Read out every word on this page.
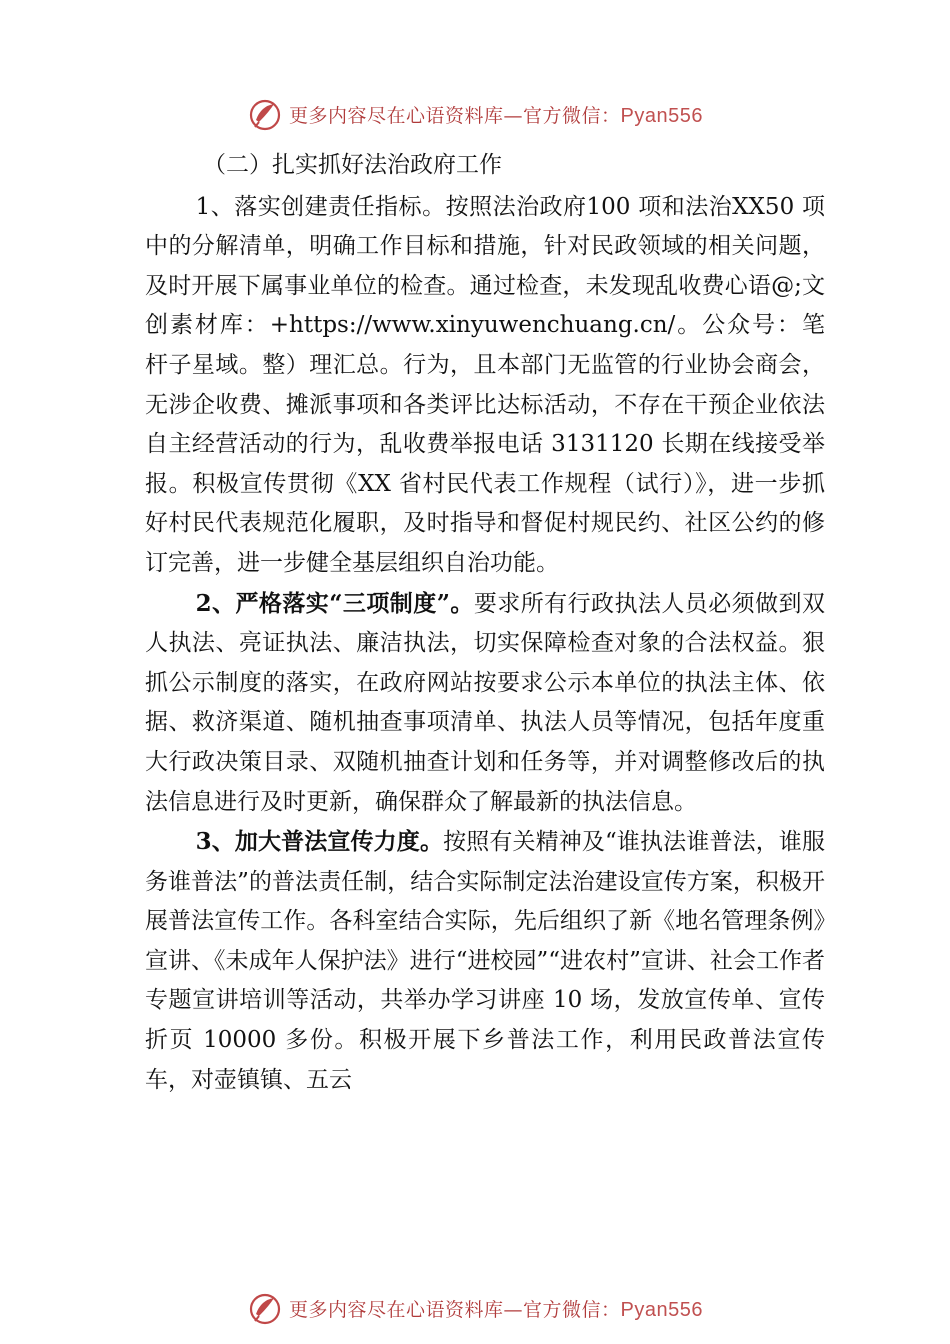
更多内容尽在心语资料库—官方微信：Pyan556

（二）扎实抓好法治政府工作

1、落实创建责任指标。按照法治政府100 项和法治XX50 项中的分解清单，明确工作目标和措施，针对民政领域的相关问题，及时开展下属事业单位的检查。通过检查，未发现乱收费心语@;文创素材库：+https://www.xinyuwenchuang.cn/。公众号：笔杆子星域。整）理汇总。行为，且本部门无监管的行业协会商会，无涉企收费、摊派事项和各类评比达标活动，不存在干预企业依法自主经营活动的行为，乱收费举报电话 3131120 长期在线接受举报。积极宣传贯彻《XX 省村民代表工作规程（试行）》，进一步抓好村民代表规范化履职，及时指导和督促村规民约、社区公约的修订完善，进一步健全基层组织自治功能。

2、严格落实“三项制度”。要求所有行政执法人员必须做到双人执法、亮证执法、廉洁执法，切实保障检查对象的合法权益。狠抓公示制度的落实，在政府网站按要求公示本单位的执法主体、依据、救济渠道、随机抽查事项清单、执法人员等情况，包括年度重大行政决策目录、双随机抽查计划和任务等，并对调整修改后的执法信息进行及时更新，确保群众了解最新的执法信息。

3、加大普法宣传力度。按照有关精神及“谁执法谁普法，谁服务谁普法”的普法责任制，结合实际制定法治建设宣传方案，积极开展普法宣传工作。各科室结合实际，先后组织了新《地名管理条例》宣讲、《未成年人保护法》进行“进校园”“进农村”宣讲、社会工作者专题宣讲培训等活动，共举办学习讲座 10 场，发放宣传单、宣传折页 10000 多份。积极开展下乡普法工作，利用民政普法宣传车，对壶镇镇、五云

更多内容尽在心语资料库—官方微信：Pyan556
